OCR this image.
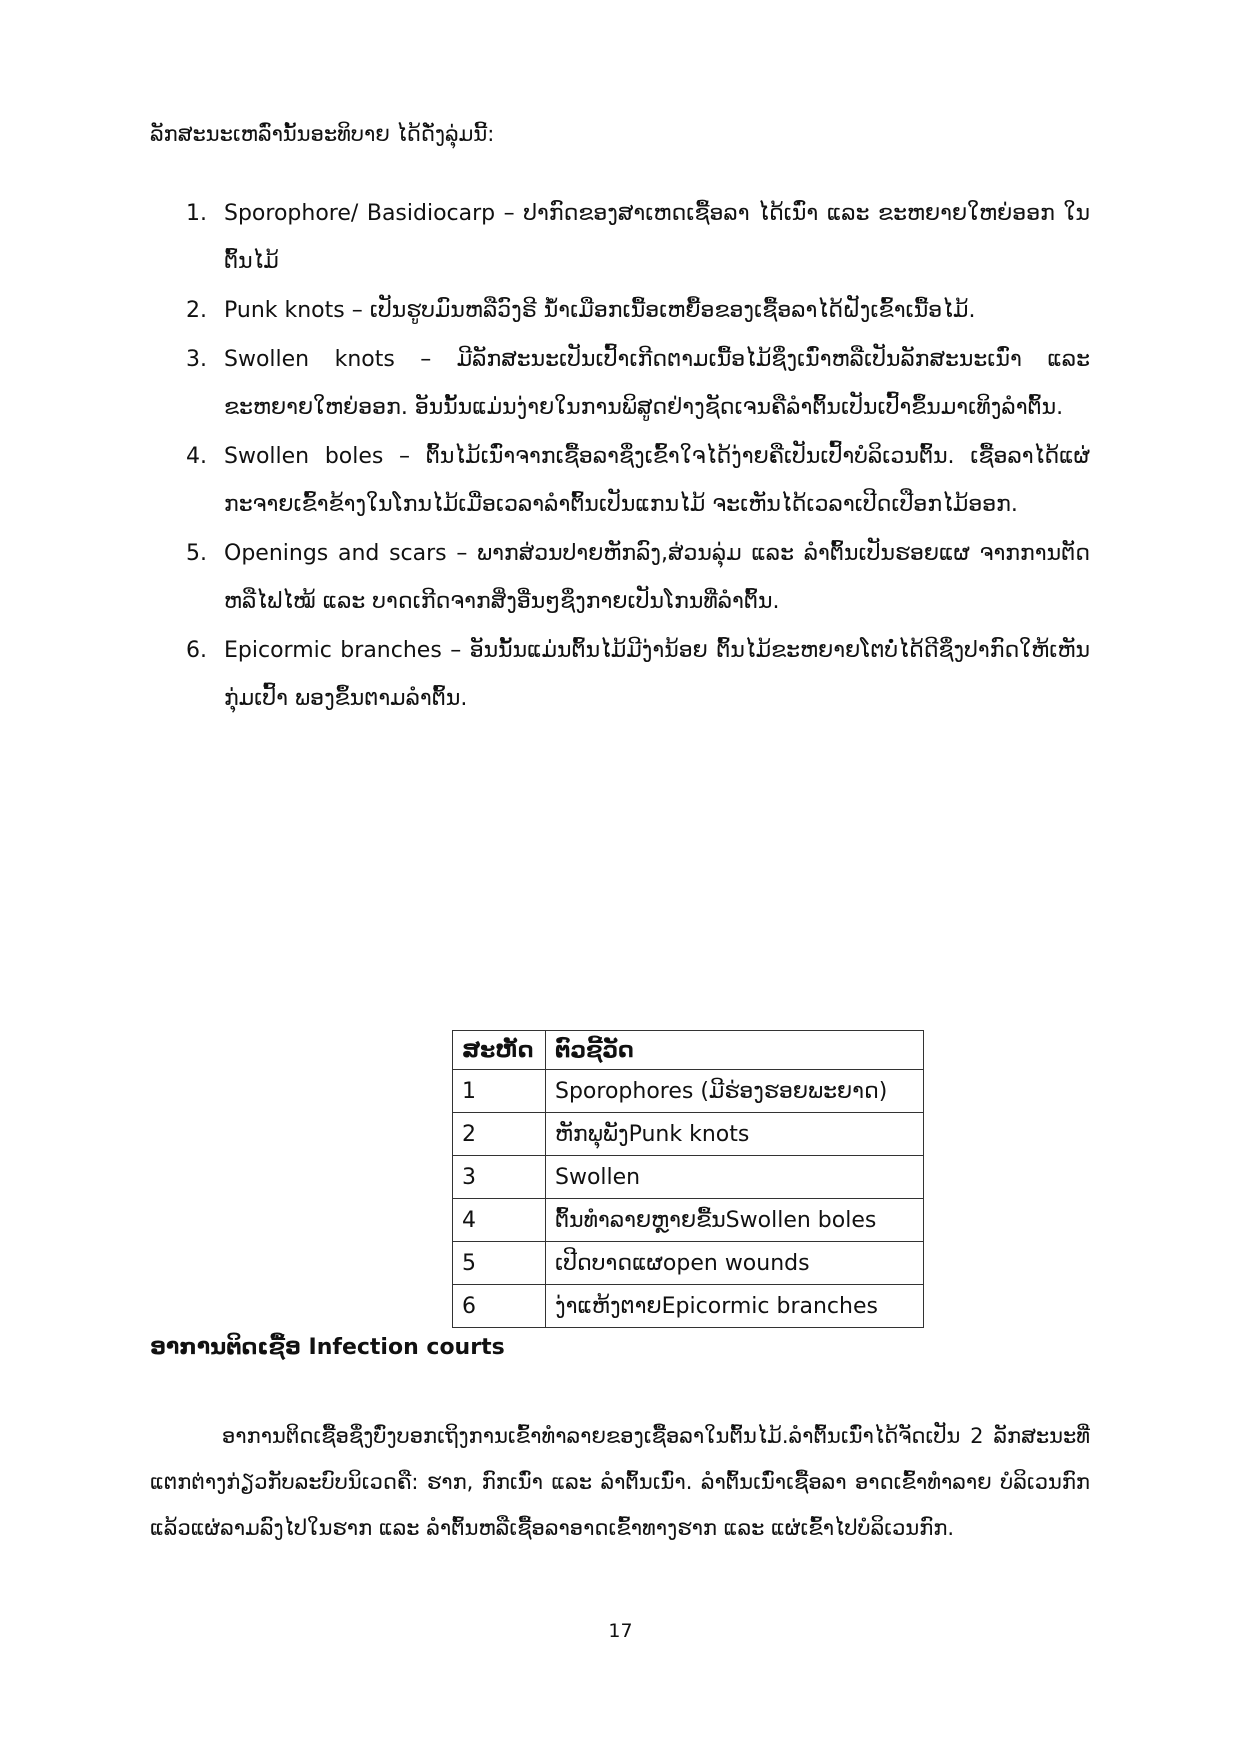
ລັກສະນະເຫລົ່ານັ້ນອະທິບາຍ ໄດ້ດັ່ງລຸ່ມນີ້:
1. Sporophore/ Basidiocarp – ປາກົດຂອງສາເຫດເຊື້ອລາ ໄດ້ເນົ່າ ແລະ ຂະຫຍາຍໃຫຍ່ອອກ ໃນ ຕົ້ນໄມ້
2. Punk knots – ເປັນຮູບມົນຫລືວົງຣີ ນ້ຳເມືອກເນື້ອເຫຍື້ອຂອງເຊື້ອລາໄດ້ຝັງເຂົ້າເນື້ອໄມ້.
3. Swollen knots – ມີລັກສະນະເປັນເປົ້າເກີດຕາມເນື້ອໄມ້ຊຶ່ງເນົ່າຫລືເປັນລັກສະນະເນົ່າ ແລະ ຂະຫຍາຍໃຫຍ່ອອກ. ອັນນັ້ນແມ່ນງ່າຍໃນການພິສູດຢ່າງຊັດເຈນຄືລຳຕົ້ນເປັນເປົ້າຂຶ້ນມາເທິງລຳຕົ້ນ.
4. Swollen boles – ຕົ້ນໄມ້ເນົ່າຈາກເຊື້ອລາຊຶ່ງເຂົ້າໃຈໄດ້ງ່າຍຄືເປັນເປົ້າບໍລິເວນຕົ້ນ. ເຊື້ອລາໄດ້ແຜ່ກະຈາຍເຂົ້າຂ້າງໃນໂກນໄມ້ເມື່ອເວລາລຳຕົ້ນເປັນແກນໄມ້ ຈະເຫັນໄດ້ເວລາເປີດເປືອກໄມ້ອອກ.
5. Openings and scars – ພາກສ່ວນປາຍຫັກລົງ,ສ່ວນລຸ່ມ ແລະ ລຳຕົ້ນເປັນຮອຍແຜ ຈາກການຕັດຫລືໄຟໄໝ້ ແລະ ບາດເກີດຈາກສິ່ງອື່ນໆຊຶ່ງກາຍເປັນໂກນທີ່ລຳຕົ້ນ.
6. Epicormic branches – ອັນນັ້ນແມ່ນຕົ້ນໄມ້ມີງ່ານ້ອຍ ຕົ້ນໄມ້ຂະຫຍາຍໂຕບໍ່ໄດ້ດີຊຶ່ງປາກົດໃຫ້ເຫັນກຸ່ມເປົ້າ ພອງຂຶ້ນຕາມລຳຕົ້ນ.
ສະຫັດ	ຕົວຊີ້ວັດ
1	Sporophores (ມີຮ່ອງຮອຍພະຍາດ)
2	ຫັກພຸພັງPunk knots
3	Swollen
4	ຕົ້ນທຳລາຍຫຼາຍຂື້ນSwollen boles
5	ເປີດບາດແຜopen wounds
6	ງ່າແຫ້ງຕາຍEpicormic branches
ອາການຕິດເຊື້ອ Infection courts

ອາການຕິດເຊື້ອຊຶ່ງບົ່ງບອກເຖິງການເຂົ້າທຳລາຍຂອງເຊື້ອລາໃນຕົ້ນໄມ້.ລຳຕົ້ນເນົ່າໄດ້ຈັດເປັນ 2 ລັກສະນະທີ່ແຕກຕ່າງກ່ຽວກັບລະບົບນິເວດຄື: ຮາກ, ກົກເນົ່າ ແລະ ລຳຕົ້ນເນົ່າ. ລຳຕົ້ນເນົ່າເຊື້ອລາ ອາດເຂົ້າທຳລາຍ ບໍລິເວນກົກແລ້ວແຜ່ລາມລົງໄປໃນຮາກ ແລະ ລຳຕົ້ນຫລືເຊື້ອລາອາດເຂົ້າທາງຮາກ ແລະ ແຜ່ເຂົ້າໄປບໍລິເວນກົກ.

17
